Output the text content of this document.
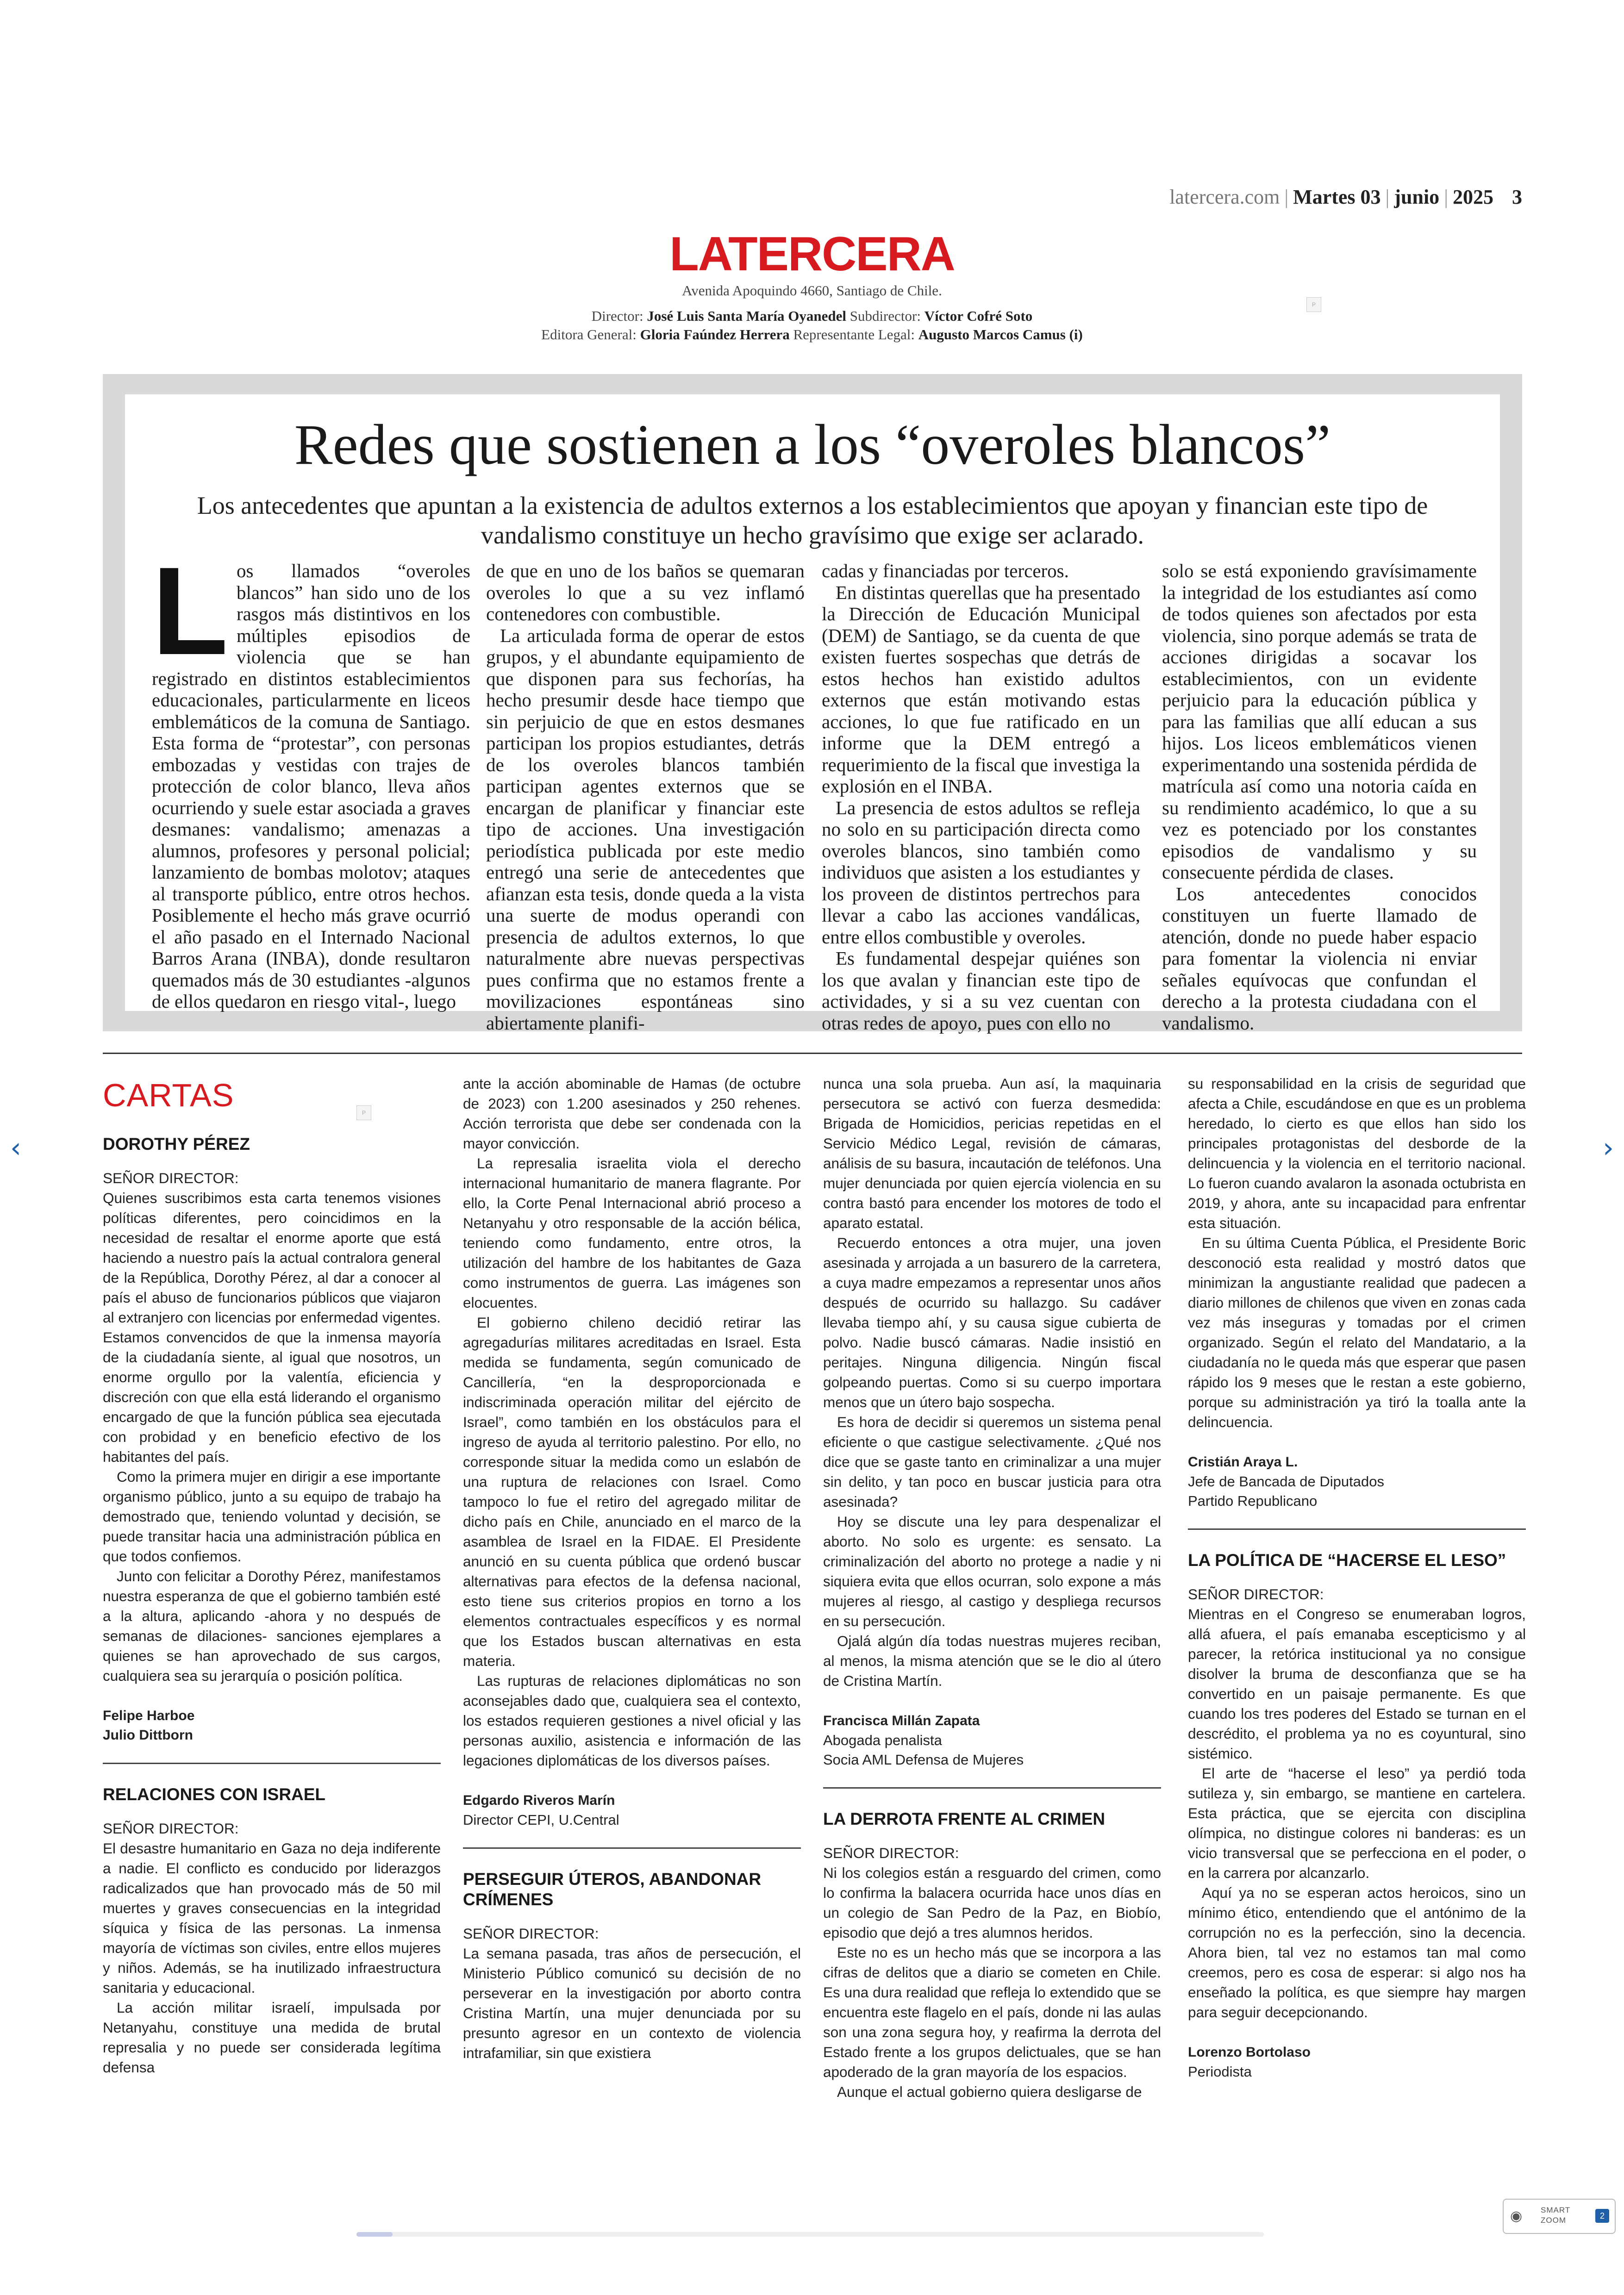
latercera.com | Martes 03 | junio | 2025 3
LATERCERA
Avenida Apoquindo 4660, Santiago de Chile.
Director: José Luis Santa María Oyanedel Subdirector: Víctor Cofré Soto
Editora General: Gloria Faúndez Herrera Representante Legal: Augusto Marcos Camus (i)
P
Redes que sostienen a los “overoles blancos”
Los antecedentes que apuntan a la existencia de adultos externos a los establecimientos que apoyan y financian este tipo de vandalismo constituye un hecho gravísimo que exige ser aclarado.
L os llamados “overoles blancos” han sido uno de los rasgos más distintivos en los múltiples episodios de violencia que se han registrado en distintos establecimientos educacionales, particularmente en liceos emblemáticos de la comuna de Santiago. Esta forma de “protestar”, con personas embozadas y vestidas con trajes de protección de color blanco, lleva años ocurriendo y suele estar asociada a graves desmanes: vandalismo; amenazas a alumnos, profesores y personal policial; lanzamiento de bombas molotov; ataques al transporte público, entre otros hechos. Posiblemente el hecho más grave ocurrió el año pasado en el Internado Nacional Barros Arana (INBA), donde resultaron quemados más de 30 estudiantes -algunos de ellos quedaron en riesgo vital-, luego

de que en uno de los baños se quemaran overoles lo que a su vez inflamó contenedores con combustible.

La articulada forma de operar de estos grupos, y el abundante equipamiento de que disponen para sus fechorías, ha hecho presumir desde hace tiempo que sin perjuicio de que en estos desmanes participan los propios estudiantes, detrás de los overoles blancos también participan agentes externos que se encargan de planificar y financiar este tipo de acciones. Una investigación periodística publicada por este medio entregó una serie de antecedentes que afianzan esta tesis, donde queda a la vista una suerte de modus operandi con presencia de adultos externos, lo que naturalmente abre nuevas perspectivas pues confirma que no estamos frente a movilizaciones espontáneas sino abiertamente planifi-

cadas y financiadas por terceros.

En distintas querellas que ha presentado la Dirección de Educación Municipal (DEM) de Santiago, se da cuenta de que existen fuertes sospechas que detrás de estos hechos han existido adultos externos que están motivando estas acciones, lo que fue ratificado en un informe que la DEM entregó a requerimiento de la fiscal que investiga la explosión en el INBA.

La presencia de estos adultos se refleja no solo en su participación directa como overoles blancos, sino también como individuos que asisten a los estudiantes y los proveen de distintos pertrechos para llevar a cabo las acciones vandálicas, entre ellos combustible y overoles.

Es fundamental despejar quiénes son los que avalan y financian este tipo de actividades, y si a su vez cuentan con otras redes de apoyo, pues con ello no

solo se está exponiendo gravísimamente la integridad de los estudiantes así como de todos quienes son afectados por esta violencia, sino porque además se trata de acciones dirigidas a socavar los establecimientos, con un evidente perjuicio para la educación pública y para las familias que allí educan a sus hijos. Los liceos emblemáticos vienen experimentando una sostenida pérdida de matrícula así como una notoria caída en su rendimiento académico, lo que a su vez es potenciado por los constantes episodios de vandalismo y su consecuente pérdida de clases.

Los antecedentes conocidos constituyen un fuerte llamado de atención, donde no puede haber espacio para fomentar la violencia ni enviar señales equívocas que confundan el derecho a la protesta ciudadana con el vandalismo.

CARTAS	P

DOROTHY PÉREZ

SEÑOR DIRECTOR:

Quienes suscribimos esta carta tenemos visiones políticas diferentes, pero coincidimos en la necesidad de resaltar el enorme aporte que está haciendo a nuestro país la actual contralora general de la República, Dorothy Pérez, al dar a conocer al país el abuso de funcionarios públicos que viajaron al extranjero con licencias por enfermedad vigentes. Estamos convencidos de que la inmensa mayoría de la ciudadanía siente, al igual que nosotros, un enorme orgullo por la valentía, eficiencia y discreción con que ella está liderando el organismo encargado de que la función pública sea ejecutada con probidad y en beneficio efectivo de los habitantes del país.

Como la primera mujer en dirigir a ese importante organismo público, junto a su equipo de trabajo ha demostrado que, teniendo voluntad y decisión, se puede transitar hacia una administración pública en que todos confiemos.

Junto con felicitar a Dorothy Pérez, manifestamos nuestra esperanza de que el gobierno también esté a la altura, aplicando -ahora y no después de semanas de dilaciones- sanciones ejemplares a quienes se han aprovechado de sus cargos, cualquiera sea su jerarquía o posición política.

Felipe Harboe

Julio Dittborn

RELACIONES CON ISRAEL

SEÑOR DIRECTOR:

El desastre humanitario en Gaza no deja indiferente a nadie. El conflicto es conducido por liderazgos radicalizados que han provocado más de 50 mil muertes y graves consecuencias en la integridad síquica y física de las personas. La inmensa mayoría de víctimas son civiles, entre ellos mujeres y niños. Además, se ha inutilizado infraestructura sanitaria y educacional.

La acción militar israelí, impulsada por Netanyahu, constituye una medida de brutal represalia y no puede ser considerada legítima defensa

ante la acción abominable de Hamas (de octubre de 2023) con 1.200 asesinados y 250 rehenes. Acción terrorista que debe ser condenada con la mayor convicción.

La represalia israelita viola el derecho internacional humanitario de manera flagrante. Por ello, la Corte Penal Internacional abrió proceso a Netanyahu y otro responsable de la acción bélica, teniendo como fundamento, entre otros, la utilización del hambre de los habitantes de Gaza como instrumentos de guerra. Las imágenes son elocuentes.

El gobierno chileno decidió retirar las agregadurías militares acreditadas en Israel. Esta medida se fundamenta, según comunicado de Cancillería, “en la desproporcionada e indiscriminada operación militar del ejército de Israel”, como también en los obstáculos para el ingreso de ayuda al territorio palestino. Por ello, no corresponde situar la medida como un eslabón de una ruptura de relaciones con Israel. Como tampoco lo fue el retiro del agregado militar de dicho país en Chile, anunciado en el marco de la asamblea de Israel en la FIDAE. El Presidente anunció en su cuenta pública que ordenó buscar alternativas para efectos de la defensa nacional, esto tiene sus criterios propios en torno a los elementos contractuales específicos y es normal que los Estados buscan alternativas en esta materia.

Las rupturas de relaciones diplomáticas no son aconsejables dado que, cualquiera sea el contexto, los estados requieren gestiones a nivel oficial y las personas auxilio, asistencia e información de las legaciones diplomáticas de los diversos países.

Edgardo Riveros Marín

Director CEPI, U.Central

PERSEGUIR ÚTEROS, ABANDONAR CRÍMENES

SEÑOR DIRECTOR:

La semana pasada, tras años de persecución, el Ministerio Público comunicó su decisión de no perseverar en la investigación por aborto contra Cristina Martín, una mujer denunciada por su presunto agresor en un contexto de violencia intrafamiliar, sin que existiera

nunca una sola prueba. Aun así, la maquinaria persecutora se activó con fuerza desmedida: Brigada de Homicidios, pericias repetidas en el Servicio Médico Legal, revisión de cámaras, análisis de su basura, incautación de teléfonos. Una mujer denunciada por quien ejercía violencia en su contra bastó para encender los motores de todo el aparato estatal.

Recuerdo entonces a otra mujer, una joven asesinada y arrojada a un basurero de la carretera, a cuya madre empezamos a representar unos años después de ocurrido su hallazgo. Su cadáver llevaba tiempo ahí, y su causa sigue cubierta de polvo. Nadie buscó cámaras. Nadie insistió en peritajes. Ninguna diligencia. Ningún fiscal golpeando puertas. Como si su cuerpo importara menos que un útero bajo sospecha.

Es hora de decidir si queremos un sistema penal eficiente o que castigue selectivamente. ¿Qué nos dice que se gaste tanto en criminalizar a una mujer sin delito, y tan poco en buscar justicia para otra asesinada?

Hoy se discute una ley para despenalizar el aborto. No solo es urgente: es sensato. La criminalización del aborto no protege a nadie y ni siquiera evita que ellos ocurran, solo expone a más mujeres al riesgo, al castigo y despliega recursos en su persecución.

Ojalá algún día todas nuestras mujeres reciban, al menos, la misma atención que se le dio al útero de Cristina Martín.

Francisca Millán Zapata

Abogada penalista

Socia AML Defensa de Mujeres

LA DERROTA FRENTE AL CRIMEN

SEÑOR DIRECTOR:

Ni los colegios están a resguardo del crimen, como lo confirma la balacera ocurrida hace unos días en un colegio de San Pedro de la Paz, en Biobío, episodio que dejó a tres alumnos heridos.

Este no es un hecho más que se incorpora a las cifras de delitos que a diario se cometen en Chile. Es una dura realidad que refleja lo extendido que se encuentra este flagelo en el país, donde ni las aulas son una zona segura hoy, y reafirma la derrota del Estado frente a los grupos delictuales, que se han apoderado de la gran mayoría de los espacios.

Aunque el actual gobierno quiera desligarse de

su responsabilidad en la crisis de seguridad que afecta a Chile, escudándose en que es un problema heredado, lo cierto es que ellos han sido los principales protagonistas del desborde de la delincuencia y la violencia en el territorio nacional. Lo fueron cuando avalaron la asonada octubrista en 2019, y ahora, ante su incapacidad para enfrentar esta situación.

En su última Cuenta Pública, el Presidente Boric desconoció esta realidad y mostró datos que minimizan la angustiante realidad que padecen a diario millones de chilenos que viven en zonas cada vez más inseguras y tomadas por el crimen organizado. Según el relato del Mandatario, a la ciudadanía no le queda más que esperar que pasen rápido los 9 meses que le restan a este gobierno, porque su administración ya tiró la toalla ante la delincuencia.

Cristián Araya L.

Jefe de Bancada de Diputados

Partido Republicano

LA POLÍTICA DE “HACERSE EL LESO”

SEÑOR DIRECTOR:

Mientras en el Congreso se enumeraban logros, allá afuera, el país emanaba escepticismo y al parecer, la retórica institucional ya no consigue disolver la bruma de desconfianza que se ha convertido en un paisaje permanente. Es que cuando los tres poderes del Estado se turnan en el descrédito, el problema ya no es coyuntural, sino sistémico.

El arte de “hacerse el leso” ya perdió toda sutileza y, sin embargo, se mantiene en cartelera. Esta práctica, que se ejercita con disciplina olímpica, no distingue colores ni banderas: es un vicio transversal que se perfecciona en el poder, o en la carrera por alcanzarlo.

Aquí ya no se esperan actos heroicos, sino un mínimo ético, entendiendo que el antónimo de la corrupción no es la perfección, sino la decencia. Ahora bien, tal vez no estamos tan mal como creemos, pero es cosa de esperar: si algo nos ha enseñado la política, es que siempre hay margen para seguir decepcionando.

Lorenzo Bortolaso

Periodista

‹	›
◉ SMART
ZOOM	2
